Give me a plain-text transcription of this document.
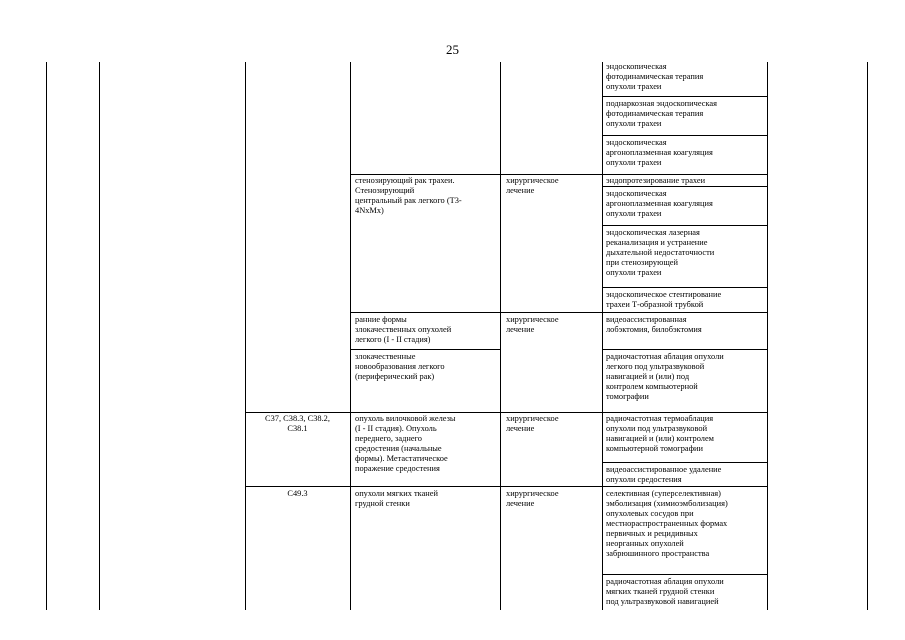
25
эндоскопическая
фотодинамическая терапия
опухоли трахеи
поднаркозная эндоскопическая
фотодинамическая терапия
опухоли трахеи
эндоскопическая
аргоноплазменная коагуляция
опухоли трахеи
стенозирующий рак трахеи.
Стенозирующий
центральный рак легкого (T3-
4NxMx)
хирургическое
лечение
эндопротезирование трахеи
эндоскопическая
аргоноплазменная коагуляция
опухоли трахеи
эндоскопическая лазерная
реканализация и устранение
дыхательной недостаточности
при стенозирующей
опухоли трахеи
эндоскопическое стентирование
трахеи Т-образной трубкой
ранние формы
злокачественных опухолей
легкого (I - II стадия)
хирургическое
лечение
видеоассистированная
лобэктомия, билобэктомия
злокачественные
новообразования легкого
(периферический рак)
радиочастотная аблация опухоли
легкого под ультразвуковой
навигацией и (или) под
контролем компьютерной
томографии
C37, C38.3, C38.2,
C38.1
опухоль вилочковой железы
(I - II стадия). Опухоль
переднего, заднего
средостения (начальные
формы). Метастатическое
поражение средостения
хирургическое
лечение
радиочастотная термоаблация
опухоли под ультразвуковой
навигацией и (или) контролем
компьютерной томографии
видеоассистированное удаление
опухоли средостения
C49.3	опухоли мягких тканей
грудной стенки
хирургическое
лечение
селективная (суперселективная)
эмболизация (химиоэмболизация)
опухолевых сосудов при
местнораспространенных формах
первичных и рецидивных
неорганных опухолей
забрюшинного пространства
радиочастотная аблация опухоли
мягких тканей грудной стенки
под ультразвуковой навигацией
